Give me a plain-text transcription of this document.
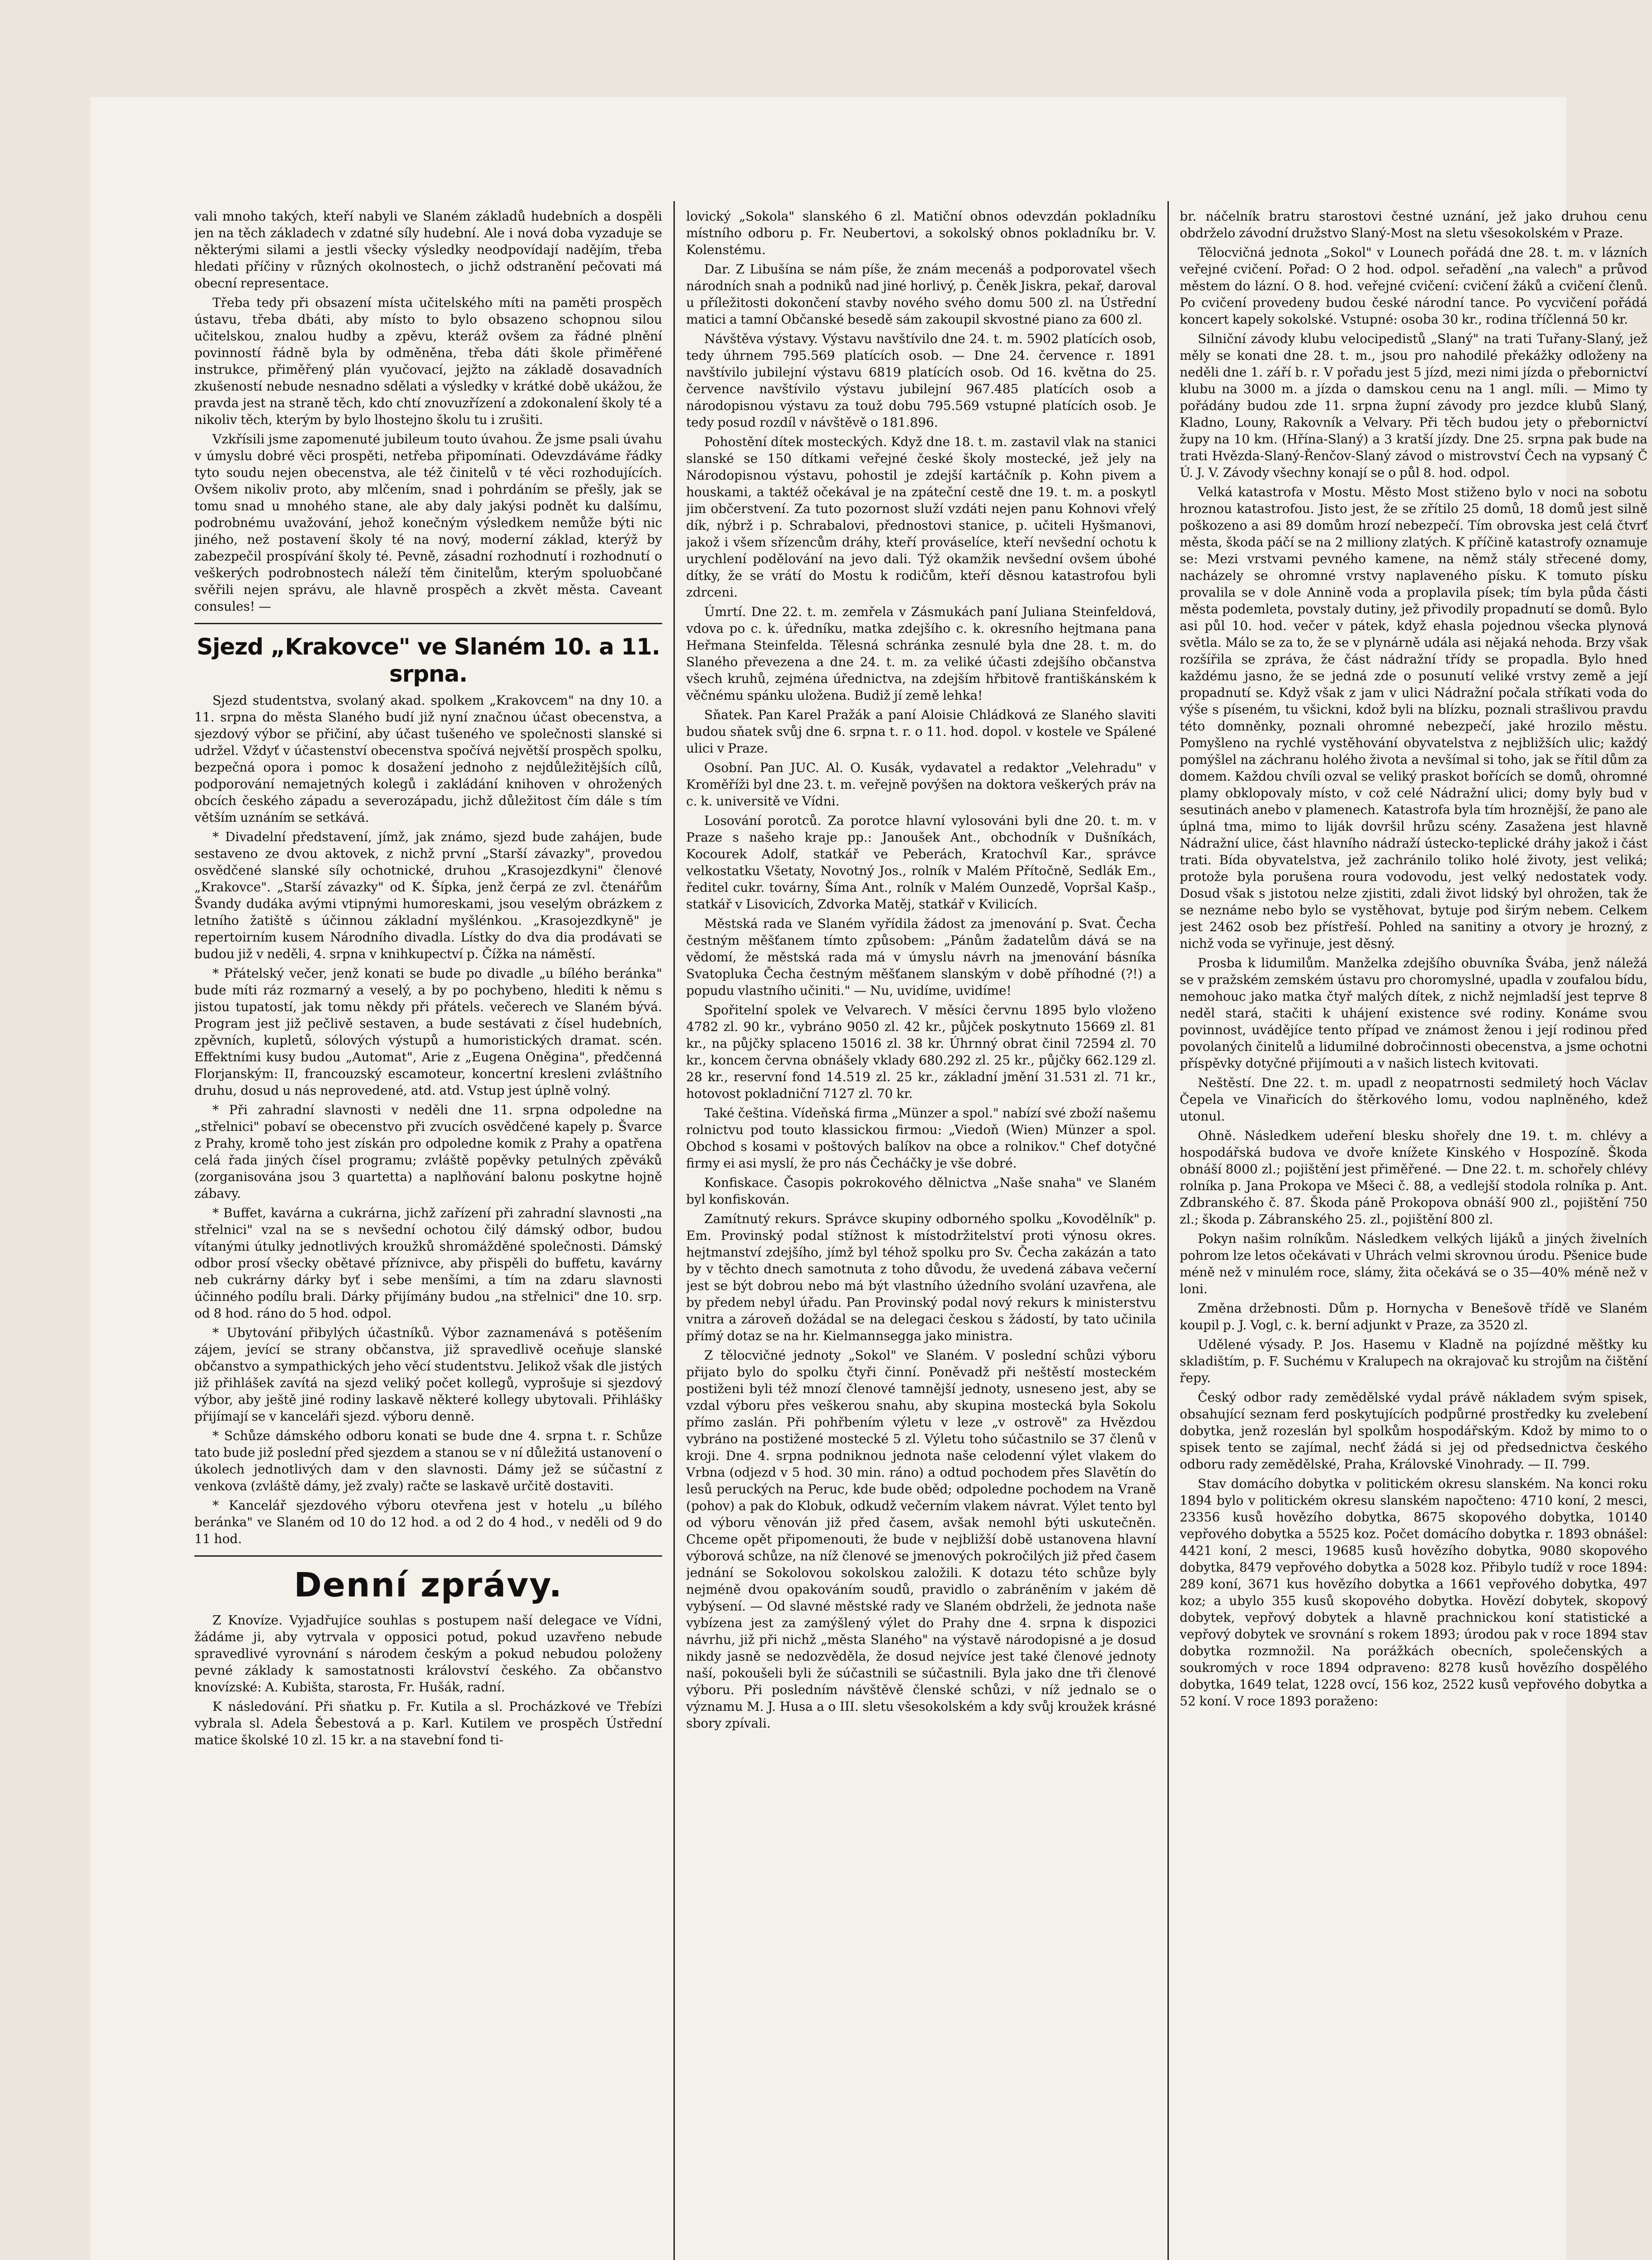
vali mnoho takých, kteří nabyli ve Slaném základů hudebních a dospěli jen na těch základech v zdatné síly hudební. Ale i nová doba vyzaduje se některými silami a jestli všecky výsledky neodpovídají nadějím, třeba hledati příčiny v různých okolnostech, o jichž odstranění pečovati má obecní representace.

Třeba tedy při obsazení místa učitelského míti na paměti prospěch ústavu, třeba dbáti, aby místo to bylo obsazeno schopnou silou učitelskou, znalou hudby a zpěvu, kteráž ovšem za řádné plnění povinností řádně byla by odměněna, třeba dáti škole přiměřené instrukce, přiměřený plán vyučovací, jejžto na základě dosavadních zkušeností nebude nesnadno sdělati a výsledky v krátké době ukážou, že pravda jest na straně těch, kdo chtí znovuzřízení a zdokonalení školy té a nikoliv těch, kterým by bylo lhostejno školu tu i zrušiti.

Vzkřísili jsme zapomenuté jubileum touto úvahou. Že jsme psali úvahu v úmyslu dobré věci prospěti, netřeba připomínati. Odevzdáváme řádky tyto soudu nejen obecenstva, ale též činitelů v té věci rozhodujících. Ovšem nikoliv proto, aby mlčením, snad i pohrdáním se přešly, jak se tomu snad u mnohého stane, ale aby daly jakýsi podnět ku dalšímu, podrobnému uvažování, jehož konečným výsledkem nemůže býti nic jiného, než postavení školy té na nový, moderní základ, kterýž by zabezpečil prospívání školy té. Pevně, zásadní rozhodnutí i rozhodnutí o veškerých podrobnostech náleží těm činitelům, kterým spoluobčané svěřili nejen správu, ale hlavně prospěch a zkvět města. Caveant consules! —

Sjezd „Krakovce" ve Slaném 10. a 11. srpna.

Sjezd studentstva, svolaný akad. spolkem „Krakovcem" na dny 10. a 11. srpna do města Slaného budí již nyní značnou účast obecenstva, a sjezdový výbor se přičiní, aby účast tušeného ve společnosti slanské si udržel. Vždyť v účastenství obecenstva spočívá největší prospěch spolku, bezpečná opora i pomoc k dosažení jednoho z nejdůležitějších cílů, podporování nemajetných kolegů i zakládání knihoven v ohrožených obcích českého západu a severozápadu, jichž důležitost čím dále s tím větším uznáním se setkává.

* Divadelní představení, jímž, jak známo, sjezd bude zahájen, bude sestaveno ze dvou aktovek, z nichž první „Starší závazky", provedou osvědčené slanské síly ochotnické, druhou „Krasojezdkyni" členové „Krakovce". „Starší závazky" od K. Šípka, jenž čerpá ze zvl. čtenářům Švandy dudáka avými vtipnými humoreskami, jsou veselým obrázkem z letního žatiště s účinnou základní myšlénkou. „Krasojezdkyně" je repertoirním kusem Národního divadla. Lístky do dva dia prodávati se budou již v neděli, 4. srpna v knihkupectví p. Čížka na náměstí.

* Přátelský večer, jenž konati se bude po divadle „u bílého beránka" bude míti ráz rozmarný a veselý, a by po pochybeno, hlediti k němu s jistou tupatostí, jak tomu někdy při přátels. večerech ve Slaném bývá. Program jest již pečlivě sestaven, a bude sestávati z čísel hudebních, zpěvních, kupletů, sólových výstupů a humoristických dramat. scén. Effektními kusy budou „Automat", Arie z „Eugena Oněgina", předčenná Florjanským: II, francouzský escamoteur, koncertní kresleni zvláštního druhu, dosud u nás neprovedené, atd. atd. Vstup jest úplně volný.

* Při zahradní slavnosti v neděli dne 11. srpna odpoledne na „střelnici" pobaví se obecenstvo při zvucích osvědčené kapely p. Švarce z Prahy, kromě toho jest získán pro odpoledne komik z Prahy a opatřena celá řada jiných čísel programu; zvláště popěvky petulných zpěváků (zorganisována jsou 3 quartetta) a naplňování balonu poskytne hojně zábavy.

* Buffet, kavárna a cukrárna, jichž zařízení při zahradní slavnosti „na střelnici" vzal na se s nevšední ochotou čilý dámský odbor, budou vítanými útulky jednotlivých kroužků shromážděné společnosti. Dámský odbor prosí všecky obětavé příznivce, aby přispěli do buffetu, kavárny neb cukrárny dárky byť i sebe menšími, a tím na zdaru slavnosti účinného podílu brali. Dárky přijímány budou „na střelnici" dne 10. srp. od 8 hod. ráno do 5 hod. odpol.

* Ubytování přibylých účastníků. Výbor zaznamenává s potěšením zájem, jevící se strany občanstva, již spravedlivě oceňuje slanské občanstvo a sympathických jeho věcí studentstvu. Jelikož však dle jistých již přihlášek zavítá na sjezd veliký počet kollegů, vyprošuje si sjezdový výbor, aby ještě jiné rodiny laskavě některé kollegy ubytovali. Přihlášky přijímají se v kanceláři sjezd. výboru denně.

* Schůze dámského odboru konati se bude dne 4. srpna t. r. Schůze tato bude již poslední před sjezdem a stanou se v ní důležitá ustanovení o úkolech jednotlivých dam v den slavnosti. Dámy jež se súčastní z venkova (zvláště dámy, jež zvaly) račte se laskavě určitě dostaviti.

* Kancelář sjezdového výboru otevřena jest v hotelu „u bílého beránka" ve Slaném od 10 do 12 hod. a od 2 do 4 hod., v neděli od 9 do 11 hod.

Denní zprávy.

Z Knovíze. Vyjadřujíce souhlas s postupem naší delegace ve Vídni, žádáme ji, aby vytrvala v opposici potud, pokud uzavřeno nebude spravedlivé vyrovnání s národem českým a pokud nebudou položeny pevné základy k samostatnosti království českého. Za občanstvo knovízské: A. Kubišta, starosta, Fr. Hušák, radní.

K následování. Při sňatku p. Fr. Kutila a sl. Procházkové ve Třebízi vybrala sl. Adela Šebestová a p. Karl. Kutilem ve prospěch Ústřední matice školské 10 zl. 15 kr. a na stavební fond ti-

lovický „Sokola" slanského 6 zl. Matiční obnos odevzdán pokladníku místního odboru p. Fr. Neubertovi, a sokolský obnos pokladníku br. V. Kolenstému.

Dar. Z Libušína se nám píše, že znám mecenáš a podporovatel všech národních snah a podniků nad jiné horlivý, p. Čeněk Jiskra, pekař, daroval u příležitosti dokončení stavby nového svého domu 500 zl. na Ústřední matici a tamní Občanské besedě sám zakoupil skvostné piano za 600 zl.

Návštěva výstavy. Výstavu navštívilo dne 24. t. m. 5902 platících osob, tedy úhrnem 795.569 platících osob. — Dne 24. července r. 1891 navštívilo jubilejní výstavu 6819 platících osob. Od 16. května do 25. července navštívilo výstavu jubilejní 967.485 platících osob a národopisnou výstavu za touž dobu 795.569 vstupné platících osob. Je tedy posud rozdíl v návštěvě o 181.896.

Pohostění dítek mosteckých. Když dne 18. t. m. zastavil vlak na stanici slanské se 150 dítkami veřejné české školy mostecké, jež jely na Národopisnou výstavu, pohostil je zdejší kartáčník p. Kohn pivem a houskami, a taktéž očekával je na zpáteční cestě dne 19. t. m. a poskytl jim občerstvení. Za tuto pozornost služí vzdáti nejen panu Kohnovi vřelý dík, nýbrž i p. Schrabalovi, přednostovi stanice, p. učiteli Hyšmanovi, jakož i všem sřízencům dráhy, kteří prováselíce, kteří nevšední ochotu k urychlení podělování na jevo dali. Týž okamžik nevšední ovšem úbohé dítky, že se vrátí do Mostu k rodičům, kteří děsnou katastrofou byli zdrceni.

Úmrtí. Dne 22. t. m. zemřela v Zásmukách paní Juliana Steinfeldová, vdova po c. k. úředníku, matka zdejšího c. k. okresního hejtmana pana Heřmana Steinfelda. Tělesná schránka zesnulé byla dne 28. t. m. do Slaného převezena a dne 24. t. m. za veliké účasti zdejšího občanstva všech kruhů, zejména úřednictva, na zdejším hřbitově františkánském k věčnému spánku uložena. Budiž jí země lehka!

Sňatek. Pan Karel Pražák a paní Aloisie Chládková ze Slaného slaviti budou sňatek svůj dne 6. srpna t. r. o 11. hod. dopol. v kostele ve Spálené ulici v Praze.

Osobní. Pan JUC. Al. O. Kusák, vydavatel a redaktor „Velehradu" v Kroměříži byl dne 23. t. m. veřejně povýšen na doktora veškerých práv na c. k. universitě ve Vídni.

Losování porotců. Za porotce hlavní vylosováni byli dne 20. t. m. v Praze s našeho kraje pp.: Janoušek Ant., obchodník v Dušníkách, Kocourek Adolf, statkář ve Peberách, Kratochvíl Kar., správce velkostatku Všetaty, Novotný Jos., rolník v Malém Přítočně, Sedlák Em., ředitel cukr. továrny, Šíma Ant., rolník v Malém Ounzedě, Vopršal Kašp., statkář v Lisovicích, Zdvorka Matěj, statkář v Kvilicích.

Městská rada ve Slaném vyřídila žádost za jmenování p. Svat. Čecha čestným měšťanem tímto způsobem: „Pánům žadatelům dává se na vědomí, že městská rada má v úmyslu návrh na jmenování básníka Svatopluka Čecha čestným měšťanem slanským v době příhodné (?!) a popudu vlastního učiniti." — Nu, uvidíme, uvidíme!

Spořitelní spolek ve Velvarech. V měsíci červnu 1895 bylo vloženo 4782 zl. 90 kr., vybráno 9050 zl. 42 kr., půjček poskytnuto 15669 zl. 81 kr., na půjčky splaceno 15016 zl. 38 kr. Úhrnný obrat činil 72594 zl. 70 kr., koncem června obnášely vklady 680.292 zl. 25 kr., půjčky 662.129 zl. 28 kr., reservní fond 14.519 zl. 25 kr., základní jmění 31.531 zl. 71 kr., hotovost pokladniční 7127 zl. 70 kr.

Také čeština. Vídeňská firma „Münzer a spol." nabízí své zboží našemu rolnictvu pod touto klassickou firmou: „Viedoň (Wien) Münzer a spol. Obchod s kosami v poštových balíkov na obce a rolnikov." Chef dotyčné firmy ei asi myslí, že pro nás Čecháčky je vše dobré.

Konfiskace. Časopis pokrokového dělnictva „Naše snaha" ve Slaném byl konfiskován.

Zamítnutý rekurs. Správce skupiny odborného spolku „Kovodělník" p. Em. Provinský podal stížnost k místodržitelství proti výnosu okres. hejtmanství zdejšího, jímž byl téhož spolku pro Sv. Čecha zakázán a tato by v těchto dnech samotnuta z toho důvodu, že uvedená zábava večerní jest se být dobrou nebo má být vlastního úžedního svolání uzavřena, ale by předem nebyl úřadu. Pan Provinský podal nový rekurs k ministerstvu vnitra a zároveň dožádal se na delegaci českou s žádostí, by tato učinila přímý dotaz se na hr. Kielmannsegga jako ministra.

Z tělocvičné jednoty „Sokol" ve Slaném. V poslední schůzi výboru přijato bylo do spolku čtyři činní. Poněvadž při neštěstí mosteckém postiženi byli též mnozí členové tamnější jednoty, usneseno jest, aby se vzdal výboru přes veškerou snahu, aby skupina mostecká byla Sokolu přímo zaslán. Při pohřbením výletu v leze „v ostrově" za Hvězdou vybráno na postižené mostecké 5 zl. Výletu toho súčastnilo se 37 členů v kroji. Dne 4. srpna podniknou jednota naše celodenní výlet vlakem do Vrbna (odjezd v 5 hod. 30 min. ráno) a odtud pochodem přes Slavětín do lesů peruckých na Peruc, kde bude oběd; odpoledne pochodem na Vraně (pohov) a pak do Klobuk, odkudž večerním vlakem návrat. Výlet tento byl od výboru věnován již před časem, avšak nemohl býti uskutečněn. Chceme opět připomenouti, že bude v nejbližší době ustanovena hlavní výborová schůze, na níž členové se jmenových pokročilých již před časem jednání se Sokolovou sokolskou založili. K dotazu této schůze byly nejméně dvou opakováním soudů, pravidlo o zabráněním v jakém dě vybýsení. — Od slavné městské rady ve Slaném obdrželi, že jednota naše vybízena jest za zamýšlený výlet do Prahy dne 4. srpna k dispozici návrhu, již při nichž „města Slaného" na výstavě národopisné a je dosud nikdy jasně se nedozvěděla, že dosud nejvíce jest také členové jednoty naší, pokoušeli byli že súčastnili se súčastnili. Byla jako dne tři členové výboru. Při posledním návštěvě členské schůzi, v níž jednalo se o významu M. J. Husa a o III. sletu všesokolském a kdy svůj kroužek krásné sbory zpívali.

br. náčelník bratru starostovi čestné uznání, jež jako druhou cenu obdrželo závodní družstvo Slaný-Most na sletu všesokolském v Praze.

Tělocvičná jednota „Sokol" v Lounech pořádá dne 28. t. m. v lázních veřejné cvičení. Pořad: O 2 hod. odpol. seřadění „na valech" a průvod městem do lázní. O 8. hod. veřejné cvičení: cvičení žáků a cvičení členů. Po cvičení provedeny budou české národní tance. Po vycvičení pořádá koncert kapely sokolské. Vstupné: osoba 30 kr., rodina tříčlenná 50 kr.

Silniční závody klubu velocipedistů „Slaný" na trati Tuřany-Slaný, jež měly se konati dne 28. t. m., jsou pro nahodilé překážky odloženy na neděli dne 1. září b. r. V pořadu jest 5 jízd, mezi nimi jízda o přebornictví klubu na 3000 m. a jízda o damskou cenu na 1 angl. míli. — Mimo ty pořádány budou zde 11. srpna župní závody pro jezdce klubů Slaný, Kladno, Louny, Rakovník a Velvary. Při těch budou jety o přebornictví župy na 10 km. (Hřína-Slaný) a 3 kratší jízdy. Dne 25. srpna pak bude na trati Hvězda-Slaný-Řenčov-Slaný závod o mistrovství Čech na vypsaný Č Ú. J. V. Závody všechny konají se o půl 8. hod. odpol.

Velká katastrofa v Mostu. Město Most stiženo bylo v noci na sobotu hroznou katastrofou. Jisto jest, že se zřítilo 25 domů, 18 domů jest silně poškozeno a asi 89 domům hrozí nebezpečí. Tím obrovska jest celá čtvrť města, škoda páčí se na 2 milliony zlatých. K příčině katastrofy oznamuje se: Mezi vrstvami pevného kamene, na němž stály střecené domy, nacházely se ohromné vrstvy naplaveného písku. K tomuto písku provalila se v dole Annině voda a proplavila písek; tím byla půda části města podemleta, povstaly dutiny, jež přivodily propadnutí se domů. Bylo asi půl 10. hod. večer v pátek, když ehasla pojednou všecka plynová světla. Málo se za to, že se v plynárně udála asi nějaká nehoda. Brzy však rozšířila se zpráva, že část nádražní třídy se propadla. Bylo hned každému jasno, že se jedná zde o posunutí veliké vrstvy země a její propadnutí se. Když však z jam v ulici Nádražní počala stříkati voda do výše s píseném, tu všickni, kdož byli na blízku, poznali strašlivou pravdu této domněnky, poznali ohromné nebezpečí, jaké hrozilo městu. Pomyšleno na rychlé vystěhování obyvatelstva z nejbližších ulic; každý pomýšlel na záchranu holého života a nevšímal si toho, jak se řítil dům za domem. Každou chvíli ozval se veliký praskot bořících se domů, ohromné plamy obklopovaly místo, v což celé Nádražní ulici; domy byly bud v sesutinách anebo v plamenech. Katastrofa byla tím hroznější, že pano ale úplná tma, mimo to liják dovršil hrůzu scény. Zasažena jest hlavně Nádražní ulice, část hlavního nádraží ústecko-teplické dráhy jakož i část trati. Bída obyvatelstva, jež zachránilo toliko holé životy, jest veliká; protože byla porušena roura vodovodu, jest velký nedostatek vody. Dosud však s jistotou nelze zjistiti, zdali život lidský byl ohrožen, tak že se neznáme nebo bylo se vystěhovat, bytuje pod širým nebem. Celkem jest 2462 osob bez přístřeší. Pohled na sanitiny a otvory je hrozný, z nichž voda se vyřinuje, jest děsný.

Prosba k lidumilům. Manželka zdejšího obuvníka Švába, jenž náležá se v pražském zemském ústavu pro choromyslné, upadla v zoufalou bídu, nemohouc jako matka čtyř malých dítek, z nichž nejmladší jest teprve 8 neděl stará, stačiti k uhájení existence své rodiny. Konáme svou povinnost, uvádějíce tento případ ve známost ženou i její rodinou před povolaných činitelů a lidumilné dobročinnosti obecenstva, a jsme ochotni příspěvky dotyčné přijímouti a v našich listech kvitovati.

Neštěstí. Dne 22. t. m. upadl z neopatrnosti sedmiletý hoch Václav Čepela ve Vinařicích do štěrkového lomu, vodou naplněného, kdež utonul.

Ohně. Následkem udeření blesku shořely dne 19. t. m. chlévy a hospodářská budova ve dvoře knížete Kinského v Hospozíně. Škoda obnáší 8000 zl.; pojištění jest přiměřené. — Dne 22. t. m. schořely chlévy rolníka p. Jana Prokopa ve Mšeci č. 88, a vedlejší stodola rolníka p. Ant. Zdbranského č. 87. Škoda páně Prokopova obnáší 900 zl., pojištění 750 zl.; škoda p. Zábranského 25. zl., pojištění 800 zl.

Pokyn našim rolníkům. Následkem velkých lijáků a jiných živelních pohrom lze letos očekávati v Uhrách velmi skrovnou úrodu. Pšenice bude méně než v minulém roce, slámy, žita očekává se o 35—40% méně než v loni.

Změna držebnosti. Dům p. Hornycha v Benešově třídě ve Slaném koupil p. J. Vogl, c. k. berní adjunkt v Praze, za 3520 zl.

Udělené výsady. P. Jos. Hasemu v Kladně na pojízdné měštky ku skladištím, p. F. Suchému v Kralupech na okrajovač ku strojům na čištění řepy.

Český odbor rady zemědělské vydal právě nákladem svým spisek, obsahující seznam ferd poskytujících podpůrné prostředky ku zvelebení dobytka, jenž rozeslán byl spolkům hospodářským. Kdož by mimo to o spisek tento se zajímal, nechť žádá si jej od předsednictva českého odboru rady zemědělské, Praha, Královské Vinohrady. — II. 799.

Stav domácího dobytka v politickém okresu slanském. Na konci roku 1894 bylo v politickém okresu slanském napočteno: 4710 koní, 2 mesci, 23356 kusů hovězího dobytka, 8675 skopového dobytka, 10140 vepřového dobytka a 5525 koz. Počet domácího dobytka r. 1893 obnášel: 4421 koní, 2 mesci, 19685 kusů hovězího dobytka, 9080 skopového dobytka, 8479 vepřového dobytka a 5028 koz. Přibylo tudíž v roce 1894: 289 koní, 3671 kus hovězího dobytka a 1661 vepřového dobytka, 497 koz; a ubylo 355 kusů skopového dobytka. Hovězí dobytek, skopový dobytek, vepřový dobytek a hlavně prachnickou koní statistické a vepřový dobytek ve srovnání s rokem 1893; úrodou pak v roce 1894 stav dobytka rozmnožil. Na porážkách obecních, společenských a soukromých v roce 1894 odpraveno: 8278 kusů hovězího dospělého dobytka, 1649 telat, 1228 ovcí, 156 koz, 2522 kusů vepřového dobytka a 52 koní. V roce 1893 poraženo:
